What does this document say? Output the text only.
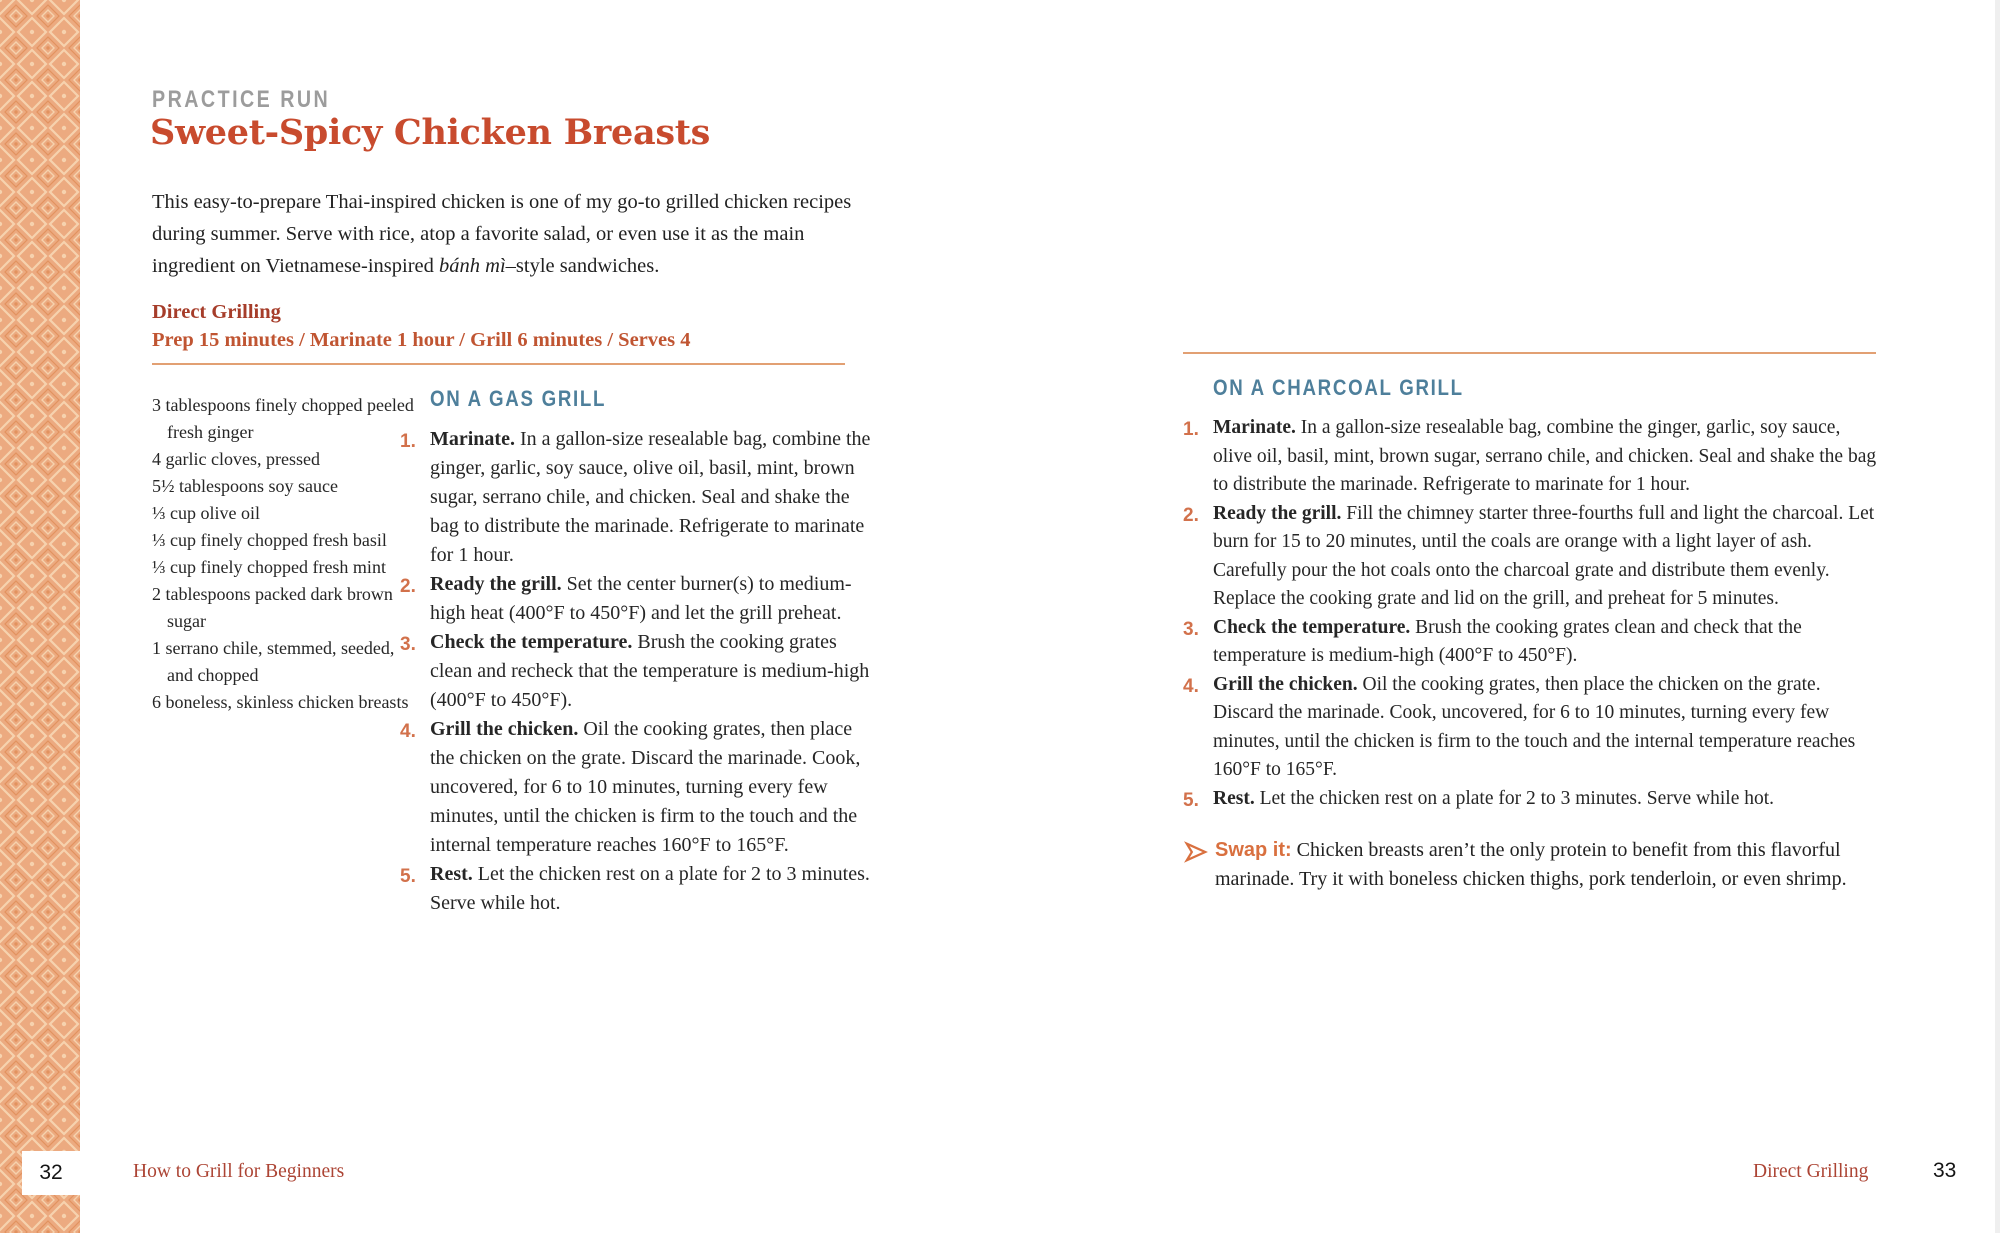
PRACTICE RUN
Sweet-Spicy Chicken Breasts

This easy-to-prepare Thai-inspired chicken is one of my go-to grilled chicken recipes during summer. Serve with rice, atop a favorite salad, or even use it as the main ingredient on Vietnamese-inspired bánh mì–style sandwiches.

Direct Grilling
Prep 15 minutes / Marinate 1 hour / Grill 6 minutes / Serves 4
3 tablespoons finely chopped peeled fresh ginger
4 garlic cloves, pressed
5½ tablespoons soy sauce
⅓ cup olive oil
⅓ cup finely chopped fresh basil
⅓ cup finely chopped fresh mint
2 tablespoons packed dark brown sugar
1 serrano chile, stemmed, seeded, and chopped
6 boneless, skinless chicken breasts
ON A GAS GRILL
1. Marinate. In a gallon-size resealable bag, combine the ginger, garlic, soy sauce, olive oil, basil, mint, brown sugar, serrano chile, and chicken. Seal and shake the bag to distribute the marinade. Refrigerate to marinate for 1 hour.
2. Ready the grill. Set the center burner(s) to medium-high heat (400°F to 450°F) and let the grill preheat.
3. Check the temperature. Brush the cooking grates clean and recheck that the temperature is medium-high (400°F to 450°F).
4. Grill the chicken. Oil the cooking grates, then place the chicken on the grate. Discard the marinade. Cook, uncovered, for 6 to 10 minutes, turning every few minutes, until the chicken is firm to the touch and the internal temperature reaches 160°F to 165°F.
5. Rest. Let the chicken rest on a plate for 2 to 3 minutes. Serve while hot.
ON A CHARCOAL GRILL
1. Marinate. In a gallon-size resealable bag, combine the ginger, garlic, soy sauce, olive oil, basil, mint, brown sugar, serrano chile, and chicken. Seal and shake the bag to distribute the marinade. Refrigerate to marinate for 1 hour.
2. Ready the grill. Fill the chimney starter three-fourths full and light the charcoal. Let burn for 15 to 20 minutes, until the coals are orange with a light layer of ash. Carefully pour the hot coals onto the charcoal grate and distribute them evenly. Replace the cooking grate and lid on the grill, and preheat for 5 minutes.
3. Check the temperature. Brush the cooking grates clean and check that the temperature is medium-high (400°F to 450°F).
4. Grill the chicken. Oil the cooking grates, then place the chicken on the grate. Discard the marinade. Cook, uncovered, for 6 to 10 minutes, turning every few minutes, until the chicken is firm to the touch and the internal temperature reaches 160°F to 165°F.
5. Rest. Let the chicken rest on a plate for 2 to 3 minutes. Serve while hot.
Swap it: Chicken breasts aren’t the only protein to benefit from this flavorful marinade. Try it with boneless chicken thighs, pork tenderloin, or even shrimp.
32	How to Grill for Beginners	Direct Grilling	33
